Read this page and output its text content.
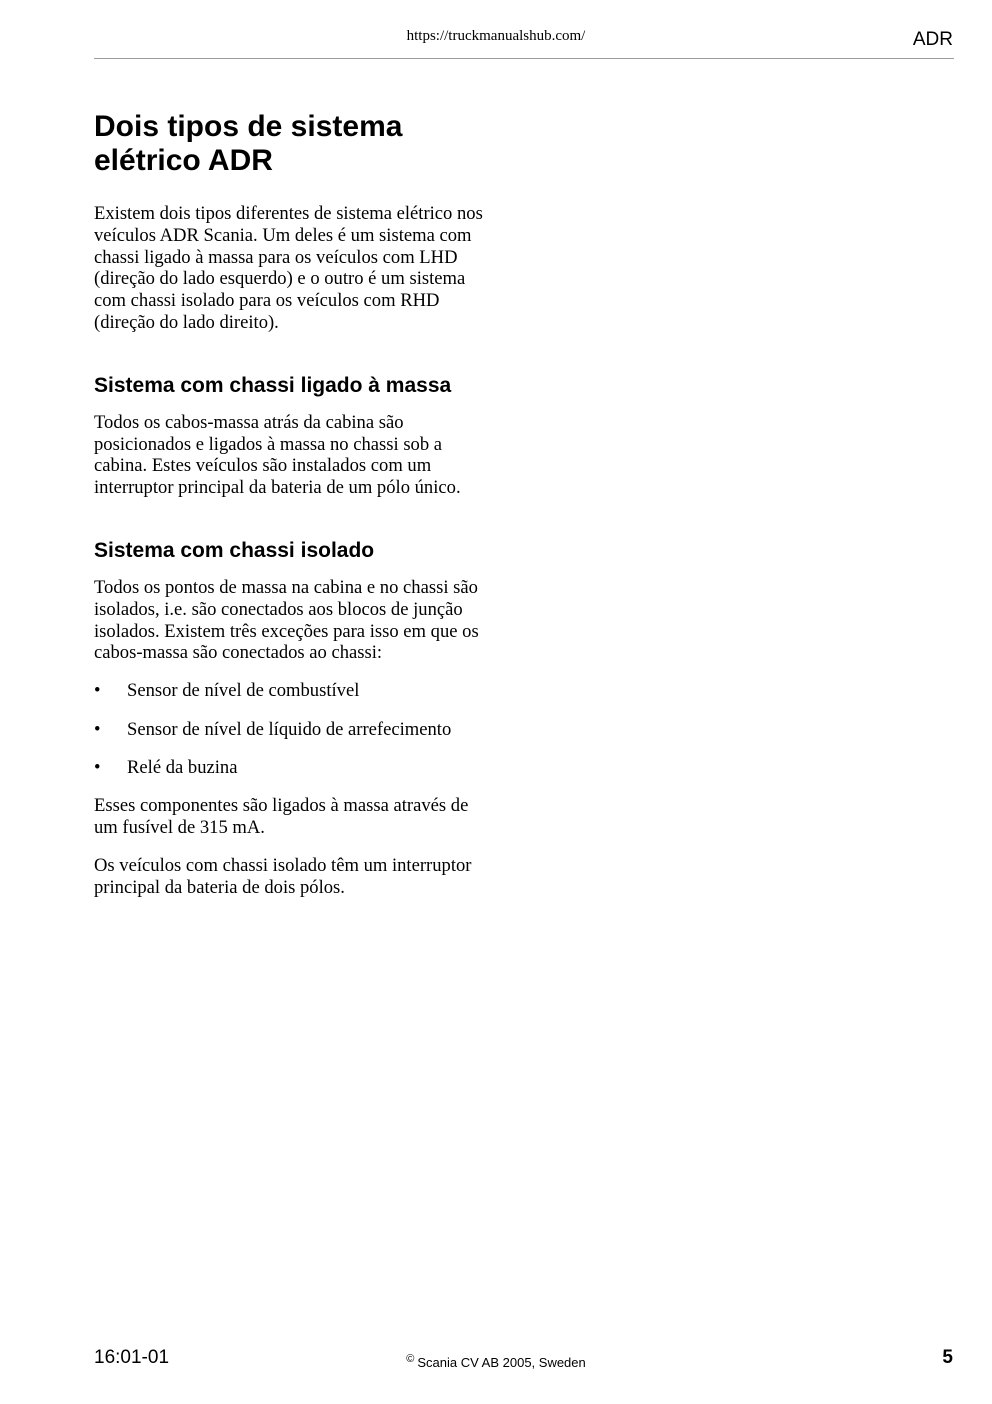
https://truckmanualshub.com/	ADR
Dois tipos de sistema elétrico ADR

Existem dois tipos diferentes de sistema elétrico nos veículos ADR Scania. Um deles é um sistema com chassi ligado à massa para os veículos com LHD (direção do lado esquerdo) e o outro é um sistema com chassi isolado para os veículos com RHD (direção do lado direito).

Sistema com chassi ligado à massa

Todos os cabos-massa atrás da cabina são posicionados e ligados à massa no chassi sob a cabina. Estes veículos são instalados com um interruptor principal da bateria de um pólo único.

Sistema com chassi isolado

Todos os pontos de massa na cabina e no chassi são isolados, i.e. são conectados aos blocos de junção isolados. Existem três exceções para isso em que os cabos-massa são conectados ao chassi:

• Sensor de nível de combustível
• Sensor de nível de líquido de arrefecimento
• Relé da buzina

Esses componentes são ligados à massa através de um fusível de 315 mA.

Os veículos com chassi isolado têm um interruptor principal da bateria de dois pólos.

16:01-01	© Scania CV AB 2005, Sweden	5
